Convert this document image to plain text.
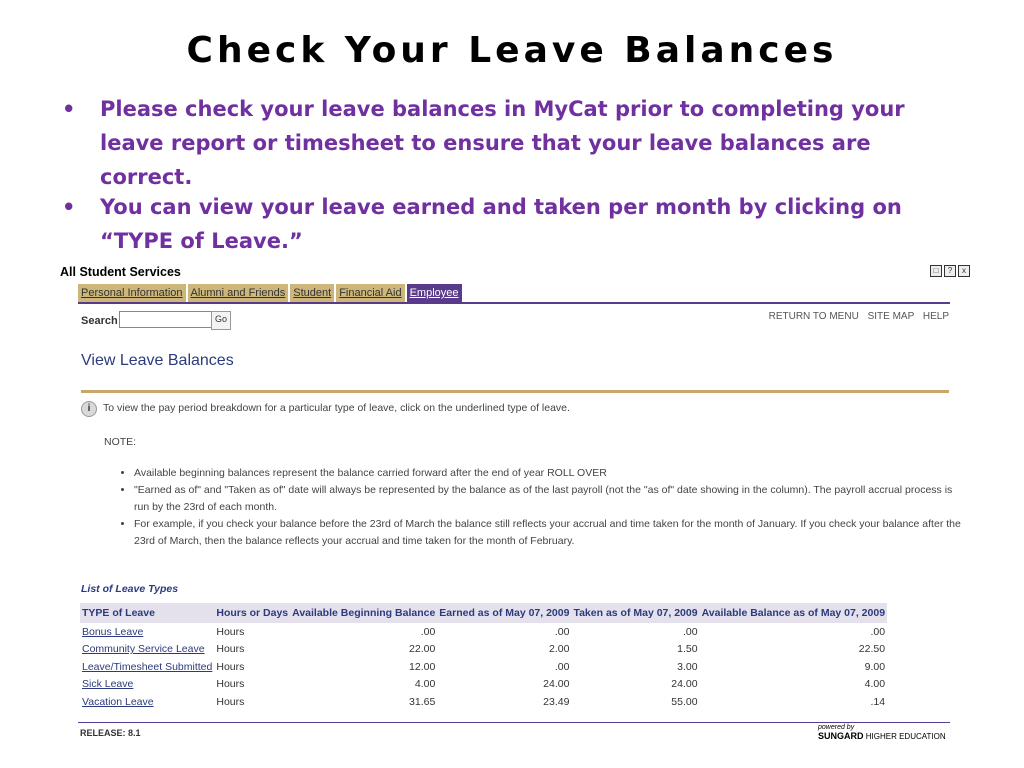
Check Your Leave Balances
• Please check your leave balances in MyCat prior to completing your leave report or timesheet to ensure that your leave balances are correct.
• You can view your leave earned and taken per month by clicking on “TYPE of Leave.”
All Student Services	□	?	x
Personal Information Alumni and Friends Student Financial Aid Employee
Search	Go	RETURN TO MENU SITE MAP HELP
View Leave Balances
i To view the pay period breakdown for a particular type of leave, click on the underlined type of leave.
NOTE:
• Available beginning balances represent the balance carried forward after the end of year ROLL OVER
• "Earned as of" and "Taken as of" date will always be represented by the balance as of the last payroll (not the "as of" date showing in the column). The payroll accrual process is run by the 23rd of each month.
• For example, if you check your balance before the 23rd of March the balance still reflects your accrual and time taken for the month of January. If you check your balance after the 23rd of March, then the balance reflects your accrual and time taken for the month of February.
List of Leave Types
TYPE of Leave	Hours or Days	Available Beginning Balance	Earned as of May 07, 2009	Taken as of May 07, 2009	Available Balance as of May 07, 2009
Bonus Leave	Hours	.00	.00	.00	.00
Community Service Leave	Hours	22.00	2.00	1.50	22.50
Leave/Timesheet Submitted	Hours	12.00	.00	3.00	9.00
Sick Leave	Hours	4.00	24.00	24.00	4.00
Vacation Leave	Hours	31.65	23.49	55.00	.14
RELEASE: 8.1
powered by
SUNGARD HIGHER EDUCATION
